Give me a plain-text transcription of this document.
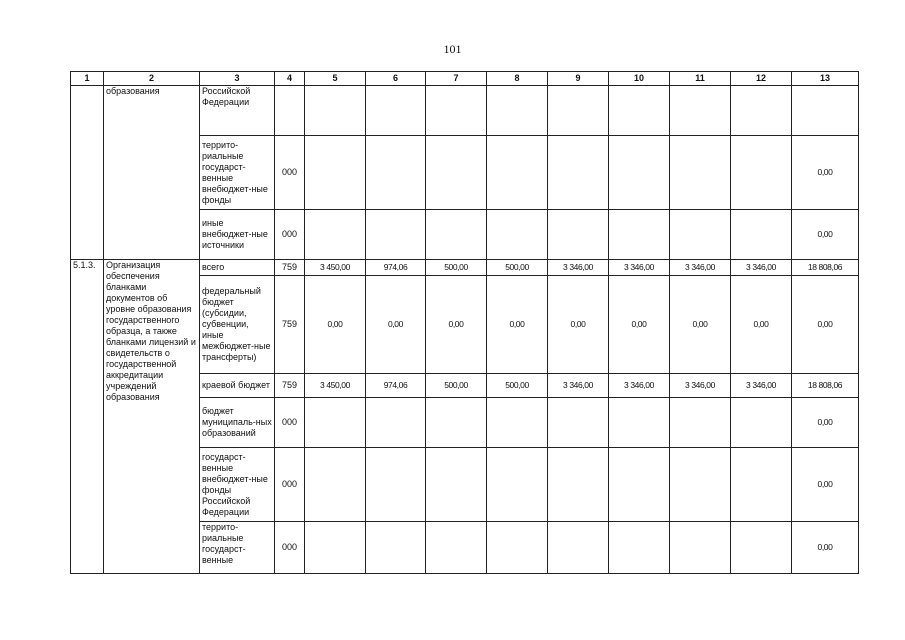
101
1	2	3	4	5	6	7	8	9	10	11	12	13
	образования	Российской Федерации										
		террито-риальные государст-венные внебюджет-ные фонды	000									0,00
		иные внебюджет-ные источники	000									0,00
5.1.3.	Организация обеспечения бланками документов об уровне образования государственного образца, а также бланками лицензий и свидетельств о государственной аккредитации учреждений образования	всего	759	3 450,00	974,06	500,00	500,00	3 346,00	3 346,00	3 346,00	3 346,00	18 808,06
		федеральный бюджет (субсидии, субвенции, иные межбюджет-ные трансферты)	759	0,00	0,00	0,00	0,00	0,00	0,00	0,00	0,00	0,00
		краевой бюджет	759	3 450,00	974,06	500,00	500,00	3 346,00	3 346,00	3 346,00	3 346,00	18 808,06
		бюджет муниципаль-ных образований	000									0,00
		государст-венные внебюджет-ные фонды Российской Федерации	000									0,00
		террито-риальные государст-венные	000									0,00
